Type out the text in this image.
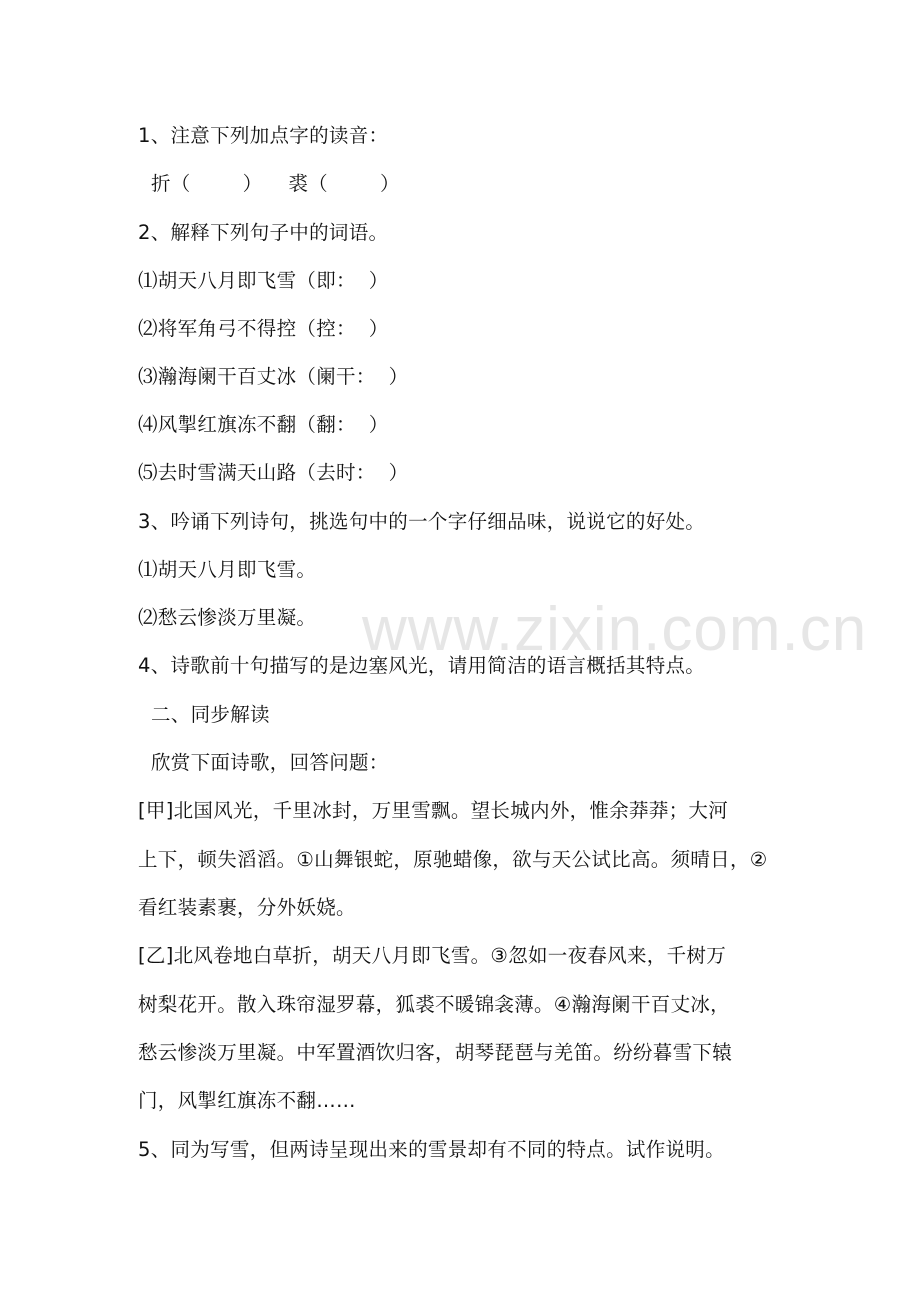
www.zixin.com.cn
1、注意下列加点字的读音：
折（        ）    裘（        ）
2、解释下列句子中的词语。
⑴胡天八月即飞雪（即：  ）
⑵将军角弓不得控（控：  ）
⑶瀚海阑干百丈冰（阑干：  ）
⑷风掣红旗冻不翻（翻：  ）
⑸去时雪满天山路（去时：  ）
3、吟诵下列诗句，挑选句中的一个字仔细品味，说说它的好处。
⑴胡天八月即飞雪。
⑵愁云惨淡万里凝。
4、诗歌前十句描写的是边塞风光，请用简洁的语言概括其特点。
二、同步解读
欣赏下面诗歌，回答问题：
[甲]北国风光，千里冰封，万里雪飘。望长城内外，惟余莽莽；大河
上下，顿失滔滔。①山舞银蛇，原驰蜡像，欲与天公试比高。须晴日，②
看红装素裹，分外妖娆。
[乙]北风卷地白草折，胡天八月即飞雪。③忽如一夜春风来，千树万
树梨花开。散入珠帘湿罗幕，狐裘不暖锦衾薄。④瀚海阑干百丈冰，
愁云惨淡万里凝。中军置酒饮归客，胡琴琵琶与羌笛。纷纷暮雪下辕
门，风掣红旗冻不翻……
5、同为写雪，但两诗呈现出来的雪景却有不同的特点。试作说明。
